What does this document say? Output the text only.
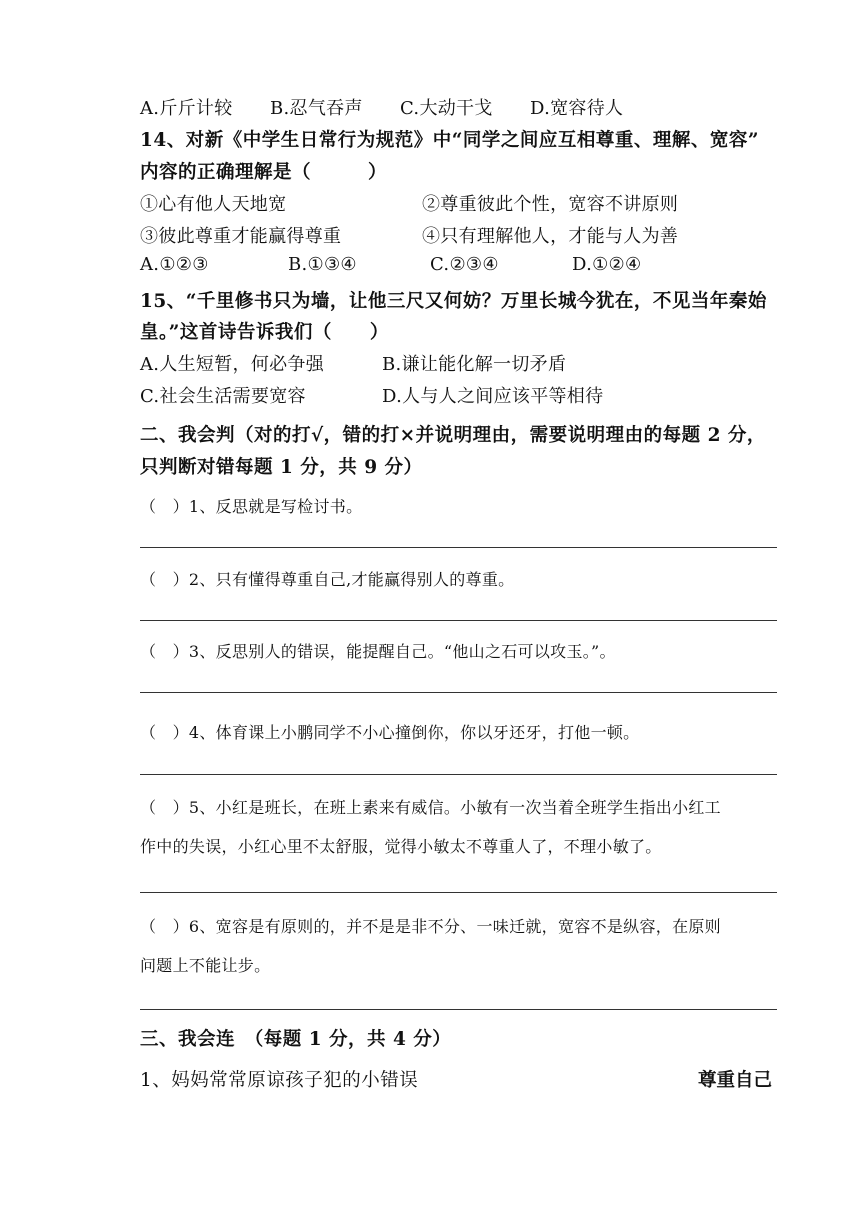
A.斤斤计较 B.忍气吞声 C.大动干戈 D.宽容待人
14、对新《中学生日常行为规范》中“同学之间应互相尊重、理解、宽容”
内容的正确理解是（　　　）
①心有他人天地宽	②尊重彼此个性，宽容不讲原则
③彼此尊重才能赢得尊重	④只有理解他人，才能与人为善
A.①②③	B.①③④	C.②③④	D.①②④
15、“千里修书只为墙，让他三尺又何妨？万里长城今犹在，不见当年秦始
皇。”这首诗告诉我们（　　）
A.人生短暂，何必争强	B.谦让能化解一切矛盾
C.社会生活需要宽容	D.人与人之间应该平等相待
二、我会判（对的打√，错的打×并说明理由，需要说明理由的每题 2 分，
只判断对错每题 1 分，共 9 分）
（　）1、反思就是写检讨书。
（　）2、只有懂得尊重自己,才能赢得别人的尊重。
（　）3、反思别人的错误，能提醒自己。“他山之石可以攻玉。”。
（　）4、体育课上小鹏同学不小心撞倒你，你以牙还牙，打他一顿。
（　）5、小红是班长，在班上素来有威信。小敏有一次当着全班学生指出小红工
作中的失误，小红心里不太舒服，觉得小敏太不尊重人了，不理小敏了。
（　）6、宽容是有原则的，并不是是非不分、一味迁就，宽容不是纵容，在原则
问题上不能让步。
三、我会连　（每题 1 分，共 4 分）
1、妈妈常常原谅孩子犯的小错误	尊重自己
